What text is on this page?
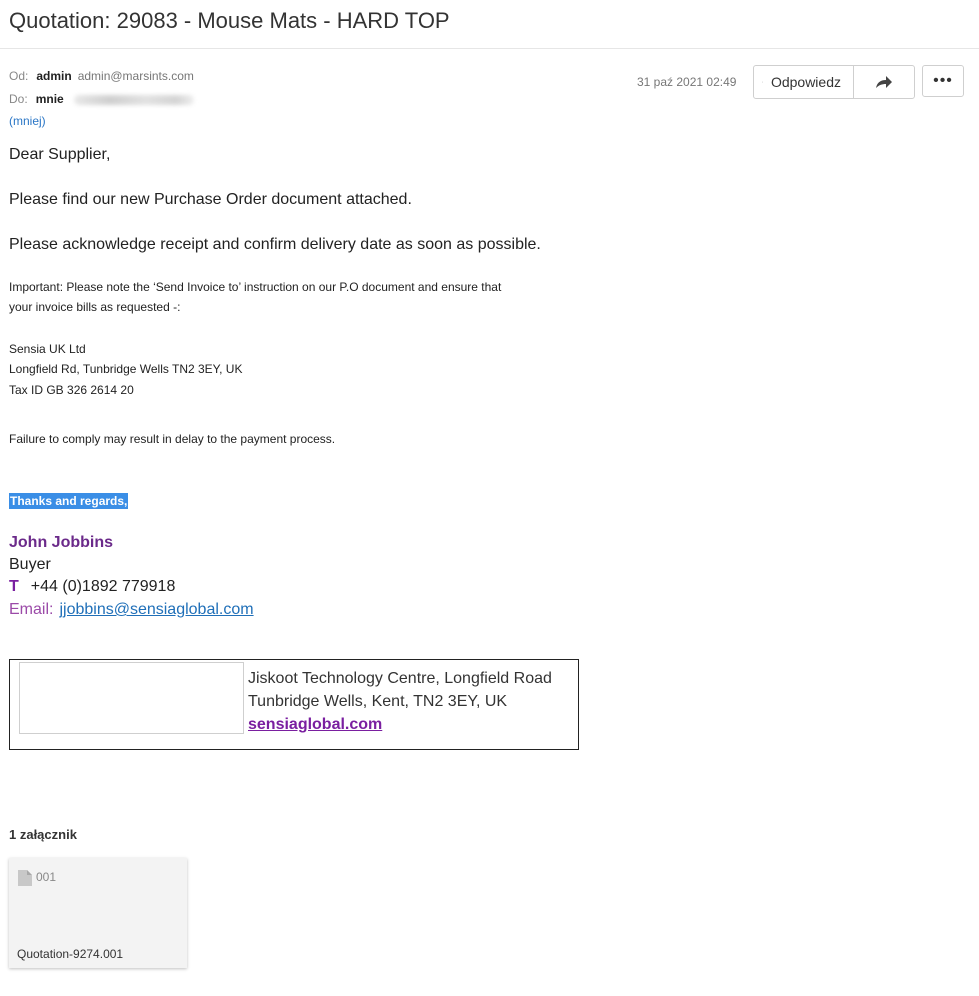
Quotation: 29083 - Mouse Mats - HARD TOP
Od: admin admin@marsints.com
Do: mnie
(mniej)
31 paź 2021 02:49 Odpowiedz	•••
Dear Supplier,
Please find our new Purchase Order document attached.
Please acknowledge receipt and confirm delivery date as soon as possible.
Important: Please note the ‘Send Invoice to’ instruction on our P.O document and ensure that
your invoice bills as requested -:
Sensia UK Ltd
Longfield Rd, Tunbridge Wells TN2 3EY, UK
Tax ID GB 326 2614 20
Failure to comply may result in delay to the payment process.
Thanks and regards,
John Jobbins
Buyer
T +44 (0)1892 779918
Email: jjobbins@sensiaglobal.com
Jiskoot Technology Centre, Longfield Road
Tunbridge Wells, Kent, TN2 3EY, UK
sensiaglobal.com
1 załącznik
001
Quotation-9274.001
